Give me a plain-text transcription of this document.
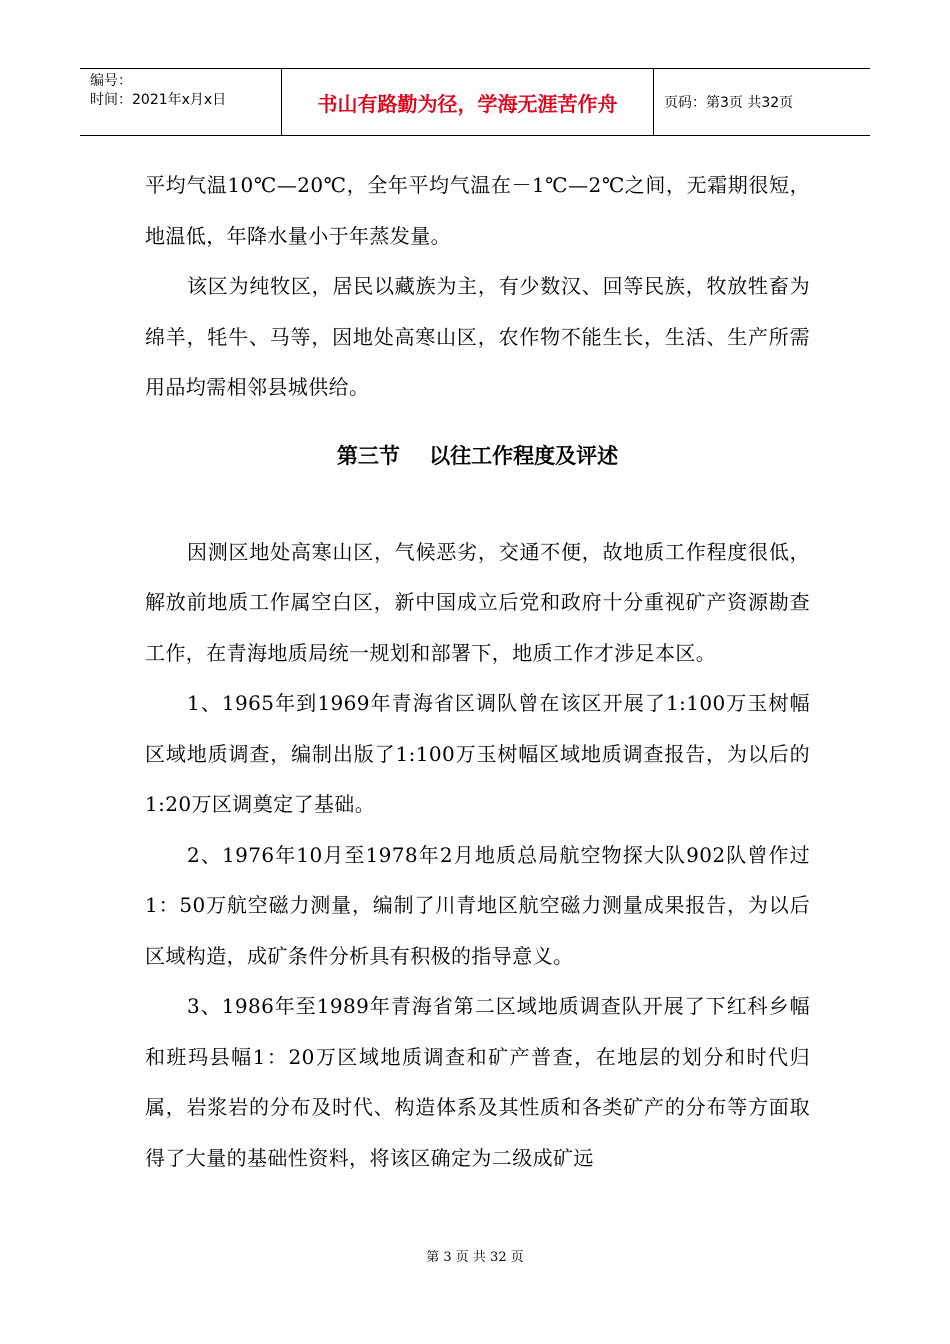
编号：
时间：2021年x月x日	书山有路勤为径，学海无涯苦作舟	页码：第3页 共32页

平均气温10℃—20℃，全年平均气温在－1℃—2℃之间，无霜期很短，地温低，年降水量小于年蒸发量。

该区为纯牧区，居民以藏族为主，有少数汉、回等民族，牧放牲畜为绵羊，牦牛、马等，因地处高寒山区，农作物不能生长，生活、生产所需用品均需相邻县城供给。

第三节    以往工作程度及评述

因测区地处高寒山区，气候恶劣，交通不便，故地质工作程度很低，解放前地质工作属空白区，新中国成立后党和政府十分重视矿产资源勘查工作，在青海地质局统一规划和部署下，地质工作才涉足本区。

1、1965年到1969年青海省区调队曾在该区开展了1:100万玉树幅区域地质调查，编制出版了1:100万玉树幅区域地质调查报告，为以后的1:20万区调奠定了基础。

2、1976年10月至1978年2月地质总局航空物探大队902队曾作过1：50万航空磁力测量，编制了川青地区航空磁力测量成果报告，为以后区域构造，成矿条件分析具有积极的指导意义。

3、1986年至1989年青海省第二区域地质调查队开展了下红科乡幅和班玛县幅1：20万区域地质调查和矿产普查，在地层的划分和时代归属，岩浆岩的分布及时代、构造体系及其性质和各类矿产的分布等方面取得了大量的基础性资料，将该区确定为二级成矿远

第 3 页 共 32 页
